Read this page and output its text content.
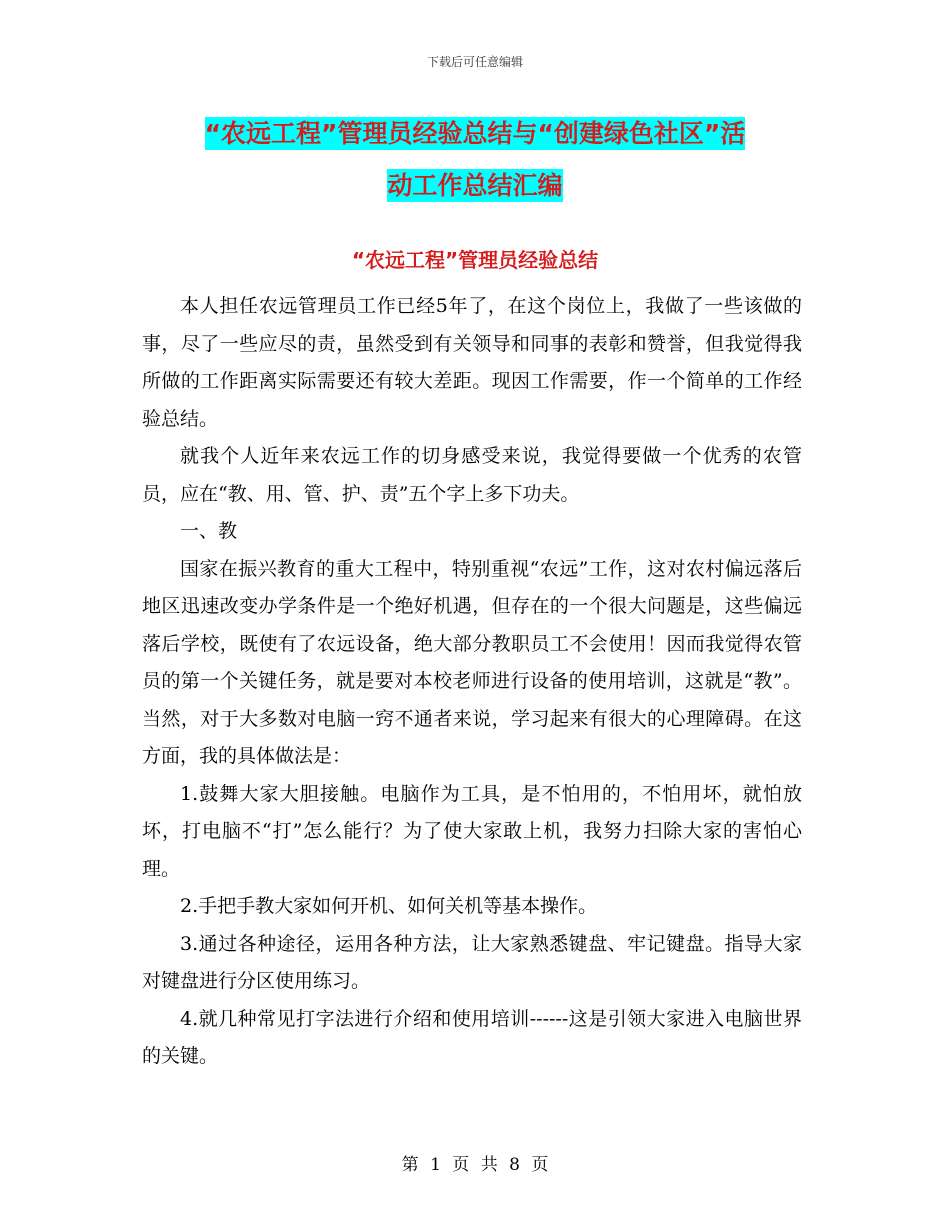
下载后可任意编辑
“农远工程”管理员经验总结与“创建绿色社区”活
动工作总结汇编
“农远工程”管理员经验总结

本人担任农远管理员工作已经5年了，在这个岗位上，我做了一些该做的事，尽了一些应尽的责，虽然受到有关领导和同事的表彰和赞誉，但我觉得我所做的工作距离实际需要还有较大差距。现因工作需要，作一个简单的工作经验总结。

就我个人近年来农远工作的切身感受来说，我觉得要做一个优秀的农管员，应在“教、用、管、护、责”五个字上多下功夫。

一、教

国家在振兴教育的重大工程中，特别重视“农远”工作，这对农村偏远落后地区迅速改变办学条件是一个绝好机遇，但存在的一个很大问题是，这些偏远落后学校，既使有了农远设备，绝大部分教职员工不会使用！因而我觉得农管员的第一个关键任务，就是要对本校老师进行设备的使用培训，这就是“教”。当然，对于大多数对电脑一窍不通者来说，学习起来有很大的心理障碍。在这方面，我的具体做法是：

1.鼓舞大家大胆接触。电脑作为工具，是不怕用的，不怕用坏，就怕放坏，打电脑不“打”怎么能行？为了使大家敢上机，我努力扫除大家的害怕心理。

2.手把手教大家如何开机、如何关机等基本操作。

3.通过各种途径，运用各种方法，让大家熟悉键盘、牢记键盘。指导大家对键盘进行分区使用练习。

4.就几种常见打字法进行介绍和使用培训------这是引领大家进入电脑世界的关键。

第 1 页 共 8 页
